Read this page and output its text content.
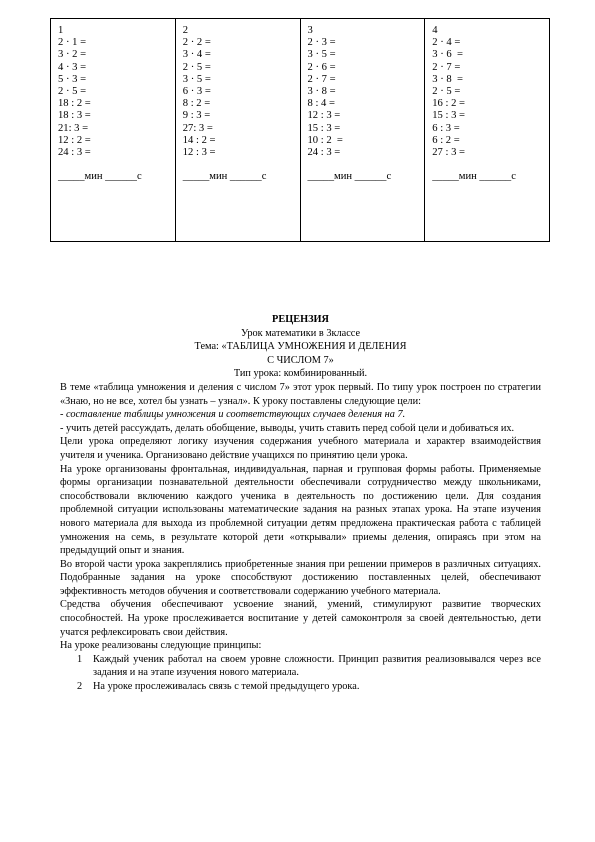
1
2 · 1 =
3 · 2 =
4 · 3 =
5 · 3 =
2 · 5 =
18 : 2 =
18 : 3 =
21: 3 =
12 : 2 =
24 : 3 =
_____мин ______с

2
2 · 2 =
3 · 4 =
2 · 5 =
3 · 5 =
6 · 3 =
8 : 2 =
9 : 3 =
27: 3 =
14 : 2 =
12 : 3 =
_____мин ______с

3
2 · 3 =
3 · 5 =
2 · 6 =
2 · 7 =
3 · 8 =
8 : 4 =
12 : 3 =
15 : 3 =
10 : 2  =
24 : 3 =
_____мин ______с

4
2 · 4 =
3 · 6  =
2 · 7 =
3 · 8  =
2 · 5 =
16 : 2 =
15 : 3 =
6 : 3 =
6 : 2 =
27 : 3 =
_____мин ______с
РЕЦЕНЗИЯ
Урок математики в 3классе
Тема: «ТАБЛИЦА УМНОЖЕНИЯ И ДЕЛЕНИЯ
С ЧИСЛОМ 7»
Тип урока: комбинированный.

В теме «таблица умножения и деления с числом 7» этот урок первый. По типу урок построен по стратегии «Знаю, но не все, хотел бы узнать – узнал». К уроку поставлены следующие цели:

- составление таблицы умножения и соответствующих случаев деления на 7.

- учить детей рассуждать, делать обобщение, выводы, учить ставить перед собой цели и добиваться их.

Цели урока определяют логику изучения содержания учебного материала и характер взаимодействия учителя и ученика. Организовано действие учащихся по принятию цели урока.

На уроке организованы фронтальная, индивидуальная, парная и групповая формы работы. Применяемые формы организации познавательной деятельности обеспечивали сотрудничество между школьниками, способствовали включению каждого ученика в деятельность по достижению цели. Для создания проблемной ситуации использованы математические задания на разных этапах урока. На этапе изучения нового материала для выхода из проблемной ситуации детям предложена практическая работа с таблицей умножения на семь, в результате которой дети «открывали» приемы деления, опираясь при этом на предыдущий опыт и знания.

Во второй части урока закреплялись приобретенные знания при решении примеров в различных ситуациях. Подобранные задания на уроке способствуют достижению поставленных целей, обеспечивают эффективность методов обучения и соответствовали содержанию учебного материала.

Средства обучения обеспечивают усвоение знаний, умений, стимулируют развитие творческих способностей. На уроке прослеживается воспитание у детей самоконтроля за своей деятельностью, дети учатся рефлексировать свои действия.

На уроке реализованы следующие принципы:

1 Каждый ученик работал на своем уровне сложности. Принцип развития реализовывался через все задания и на этапе изучения нового материала.
2 На уроке прослеживалась связь с темой предыдущего урока.
